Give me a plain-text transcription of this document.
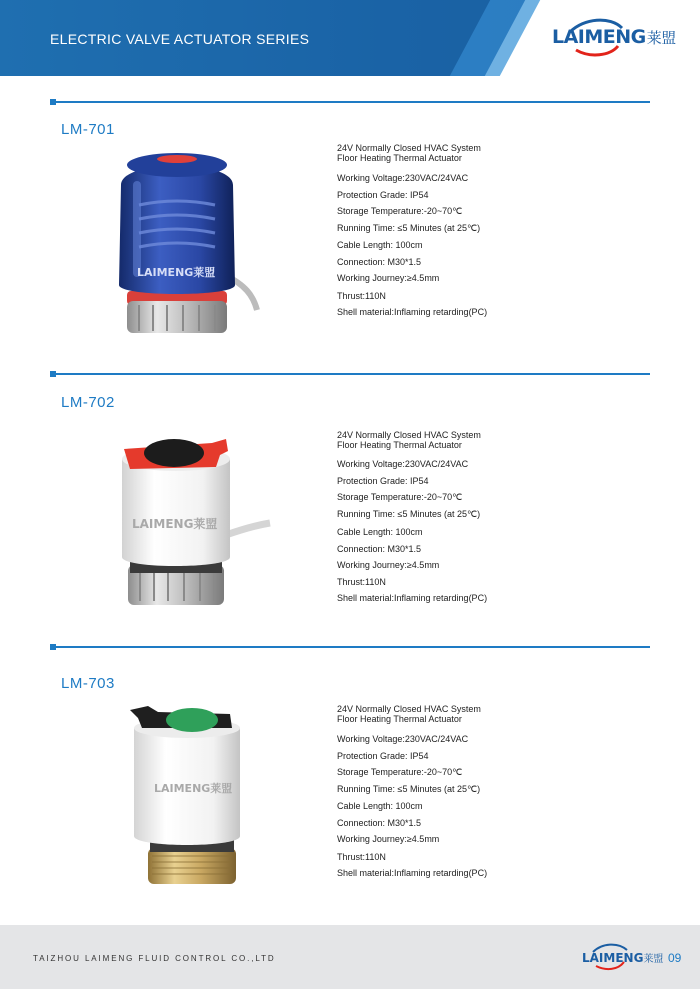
ELECTRIC VALVE ACTUATOR SERIES	LAIMENG莱盟
LM-701
LAIMENG莱盟
24V Normally Closed HVAC System
Floor Heating Thermal Actuator
Working Voltage:230VAC/24VAC
Protection Grade: IP54
Storage Temperature:-20~70℃
Running Time: ≤5 Minutes (at 25℃)
Cable Length: 100cm
Connection: M30*1.5
Working Journey:≥4.5mm
Thrust:110N
Shell material:Inflaming retarding(PC)
LM-702
LAIMENG莱盟
24V Normally Closed HVAC System
Floor Heating Thermal Actuator
Working Voltage:230VAC/24VAC
Protection Grade: IP54
Storage Temperature:-20~70℃
Running Time: ≤5 Minutes (at 25℃)
Cable Length: 100cm
Connection: M30*1.5
Working Journey:≥4.5mm
Thrust:110N
Shell material:Inflaming retarding(PC)
LM-703
LAIMENG莱盟
24V Normally Closed HVAC System
Floor Heating Thermal Actuator
Working Voltage:230VAC/24VAC
Protection Grade: IP54
Storage Temperature:-20~70℃
Running Time: ≤5 Minutes (at 25℃)
Cable Length: 100cm
Connection: M30*1.5
Working Journey:≥4.5mm
Thrust:110N
Shell material:Inflaming retarding(PC)
TAIZHOU LAIMENG FLUID CONTROL CO.,LTD	LAIMENG莱盟 09
